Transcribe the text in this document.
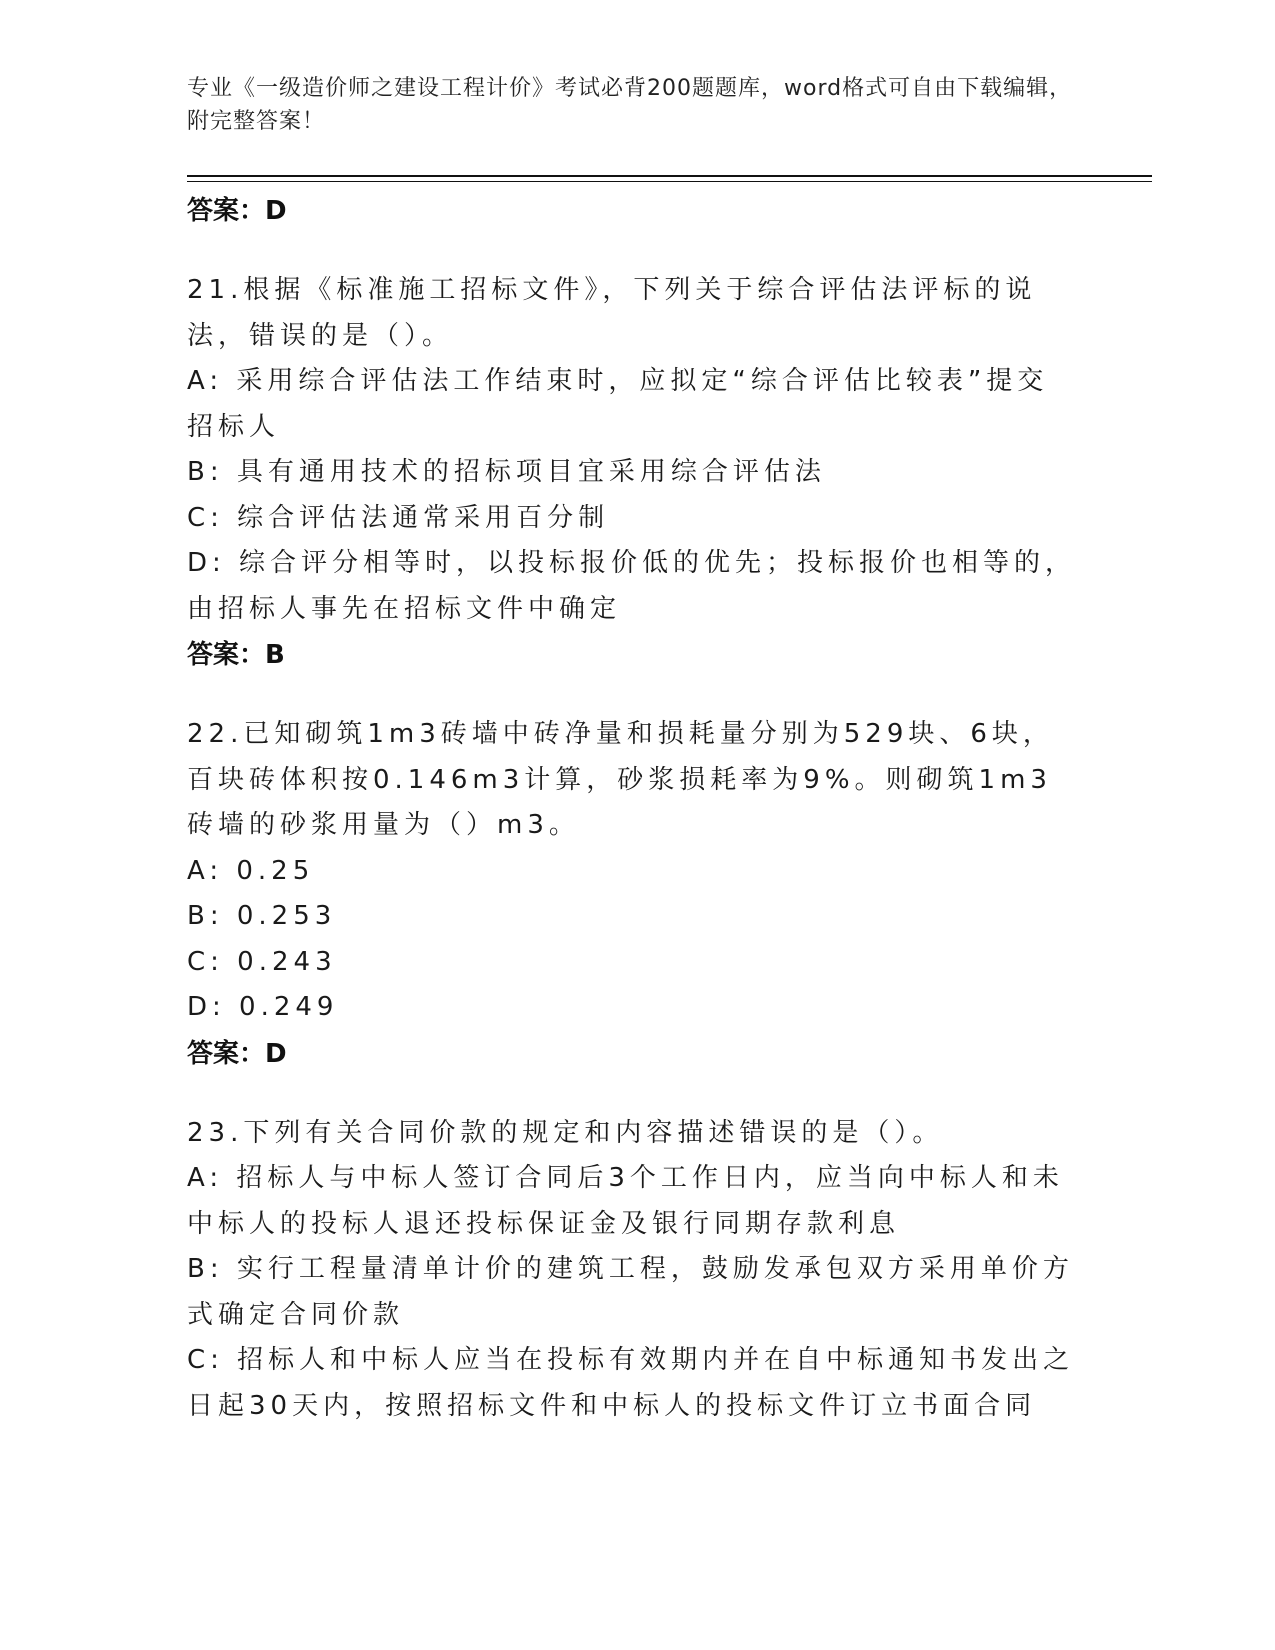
专业《一级造价师之建设工程计价》考试必背200题题库，word格式可自由下载编辑，附完整答案！

答案：D

21.根据《标准施工招标文件》，下列关于综合评估法评标的说法，错误的是（）。

A: 采用综合评估法工作结束时，应拟定“综合评估比较表”提交招标人

B: 具有通用技术的招标项目宜采用综合评估法

C: 综合评估法通常采用百分制

D: 综合评分相等时，以投标报价低的优先；投标报价也相等的，由招标人事先在招标文件中确定

答案：B

22.已知砌筑1m3砖墙中砖净量和损耗量分别为529块、6块，百块砖体积按0.146m3计算，砂浆损耗率为9%。则砌筑1m3砖墙的砂浆用量为（）m3。

A: 0.25

B: 0.253

C: 0.243

D: 0.249

答案：D

23.下列有关合同价款的规定和内容描述错误的是（）。

A: 招标人与中标人签订合同后3个工作日内，应当向中标人和未中标人的投标人退还投标保证金及银行同期存款利息

B: 实行工程量清单计价的建筑工程，鼓励发承包双方采用单价方式确定合同价款

C: 招标人和中标人应当在投标有效期内并在自中标通知书发出之日起30天内，按照招标文件和中标人的投标文件订立书面合同
